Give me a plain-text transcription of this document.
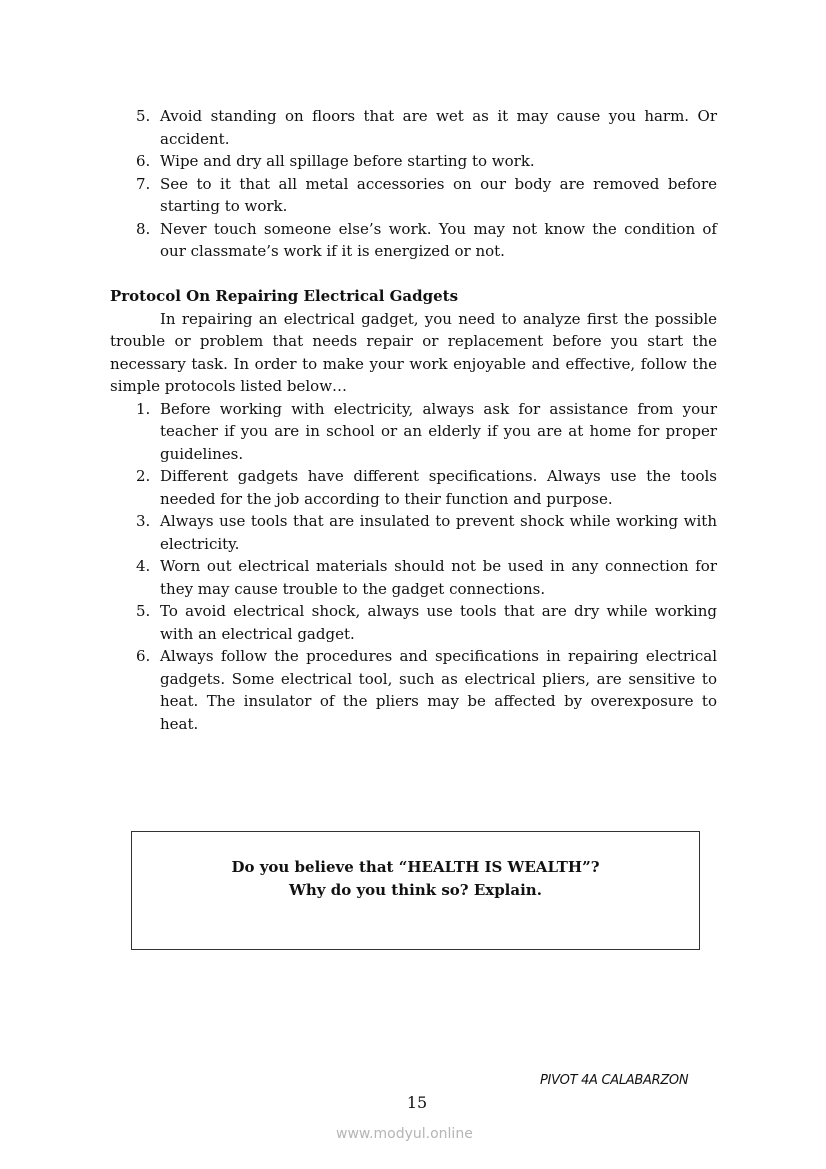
5. Avoid standing on floors that are wet as it may cause you harm. Or accident.
6. Wipe and dry all spillage before starting to work.
7. See to it that all metal accessories on our body are removed before starting to work.
8. Never touch someone else’s work. You may not know the condition of our classmate’s work if it is energized or not.
Protocol On Repairing Electrical Gadgets
In repairing an electrical gadget, you need to analyze first the possible trouble or problem that needs repair or replacement before you start the necessary task. In order to make your work enjoyable and effective, follow the simple protocols listed below…
1. Before working with electricity, always ask for assistance from your teacher if you are in school or an elderly if you are at home for proper guidelines.
2. Different gadgets have different specifications. Always use the tools needed for the job according to their function and purpose.
3. Always use tools that are insulated to prevent shock while working with electricity.
4. Worn out electrical materials should not be used in any connection for they may cause trouble to the gadget connections.
5. To avoid electrical shock, always use tools that are dry while working with an electrical gadget.
6. Always follow the procedures and specifications in repairing electrical gadgets. Some electrical tool, such as electrical pliers, are sensitive to heat. The insulator of the pliers may be affected by overexposure to heat.
Do you believe that “HEALTH IS WEALTH”?
Why do you think so? Explain.
PIVOT 4A CALABARZON
15
www.modyul.online
